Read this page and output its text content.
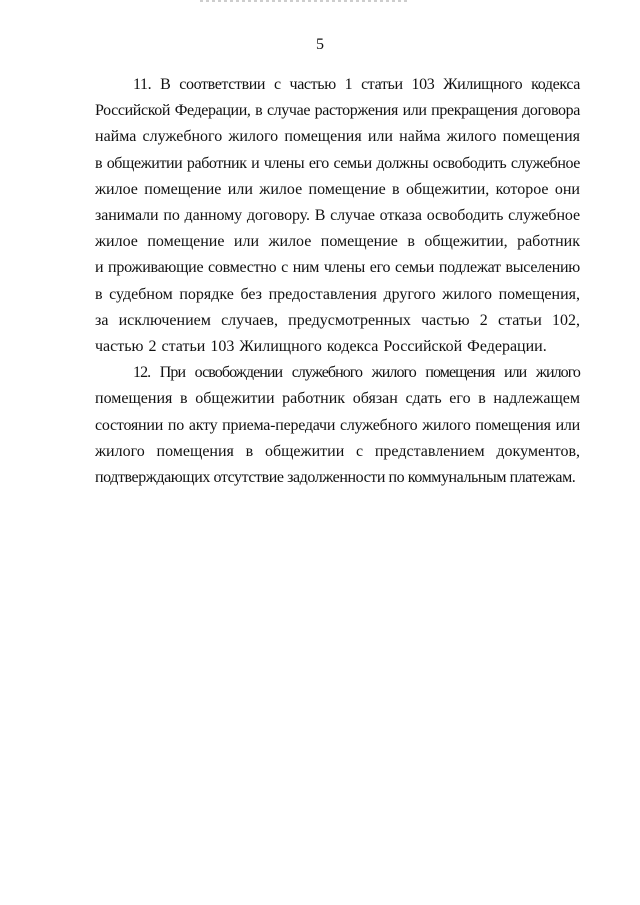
5

11. В соответствии с частью 1 статьи 103 Жилищного кодекса
Российской Федерации, в случае расторжения или прекращения договора
найма служебного жилого помещения или найма жилого помещения
в общежитии работник и члены его семьи должны освободить служебное
жилое помещение или жилое помещение в общежитии, которое они
занимали по данному договору. В случае отказа освободить служебное
жилое помещение или жилое помещение в общежитии, работник
и проживающие совместно с ним члены его семьи подлежат выселению
в судебном порядке без предоставления другого жилого помещения,
за исключением случаев, предусмотренных частью 2 статьи 102,
частью 2 статьи 103 Жилищного кодекса Российской Федерации.

12. При освобождении служебного жилого помещения или жилого
помещения в общежитии работник обязан сдать его в надлежащем
состоянии по акту приема-передачи служебного жилого помещения или
жилого помещения в общежитии с представлением документов,
подтверждающих отсутствие задолженности по коммунальным платежам.
